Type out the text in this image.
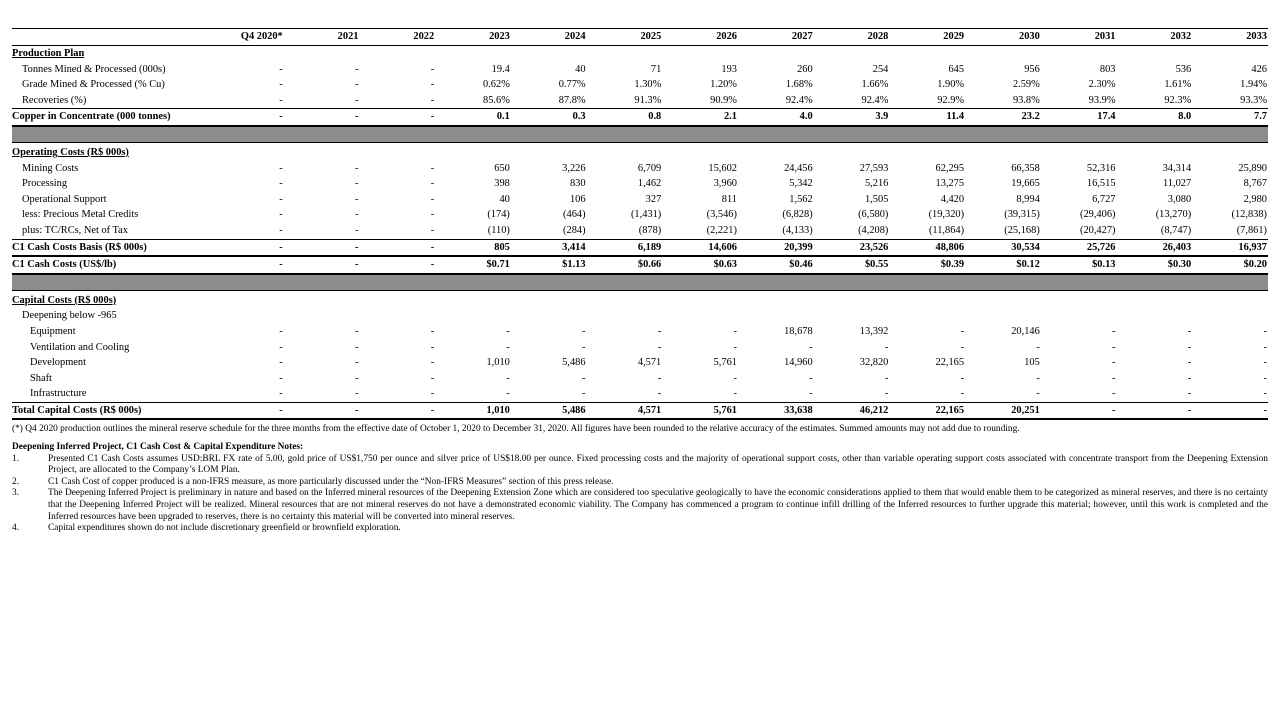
	Q4 2020*	2021	2022	2023	2024	2025	2026	2027	2028	2029	2030	2031	2032	2033
Production Plan														
Tonnes Mined & Processed (000s)	-	-	-	19.4	40	71	193	260	254	645	956	803	536	426
Grade Mined & Processed (% Cu)	-	-	-	0.62%	0.77%	1.30%	1.20%	1.68%	1.66%	1.90%	2.59%	2.30%	1.61%	1.94%
Recoveries (%)	-	-	-	85.6%	87.8%	91.3%	90.9%	92.4%	92.4%	92.9%	93.8%	93.9%	92.3%	93.3%
Copper in Concentrate (000 tonnes)	-	-	-	0.1	0.3	0.8	2.1	4.0	3.9	11.4	23.2	17.4	8.0	7.7

Operating Costs (R$ 000s)														
Mining Costs	-	-	-	650	3,226	6,709	15,602	24,456	27,593	62,295	66,358	52,316	34,314	25,890
Processing	-	-	-	398	830	1,462	3,960	5,342	5,216	13,275	19,665	16,515	11,027	8,767
Operational Support	-	-	-	40	106	327	811	1,562	1,505	4,420	8,994	6,727	3,080	2,980
less: Precious Metal Credits	-	-	-	(174)	(464)	(1,431)	(3,546)	(6,828)	(6,580)	(19,320)	(39,315)	(29,406)	(13,270)	(12,838)
plus: TC/RCs, Net of Tax	-	-	-	(110)	(284)	(878)	(2,221)	(4,133)	(4,208)	(11,864)	(25,168)	(20,427)	(8,747)	(7,861)
C1 Cash Costs Basis (R$ 000s)	-	-	-	805	3,414	6,189	14,606	20,399	23,526	48,806	30,534	25,726	26,403	16,937
C1 Cash Costs (US$/lb)	-	-	-	$0.71	$1.13	$0.66	$0.63	$0.46	$0.55	$0.39	$0.12	$0.13	$0.30	$0.20

Capital Costs (R$ 000s)														
Deepening below -965														
Equipment	-	-	-	-	-	-	-	18,678	13,392	-	20,146	-	-	-
Ventilation and Cooling	-	-	-	-	-	-	-	-	-	-	-	-	-	-
Development	-	-	-	1,010	5,486	4,571	5,761	14,960	32,820	22,165	105	-	-	-
Shaft	-	-	-	-	-	-	-	-	-	-	-	-	-	-
Infrastructure	-	-	-	-	-	-	-	-	-	-	-	-	-	-
Total Capital Costs (R$ 000s)	-	-	-	1,010	5,486	4,571	5,761	33,638	46,212	22,165	20,251	-	-	-
(*) Q4 2020 production outlines the mineral reserve schedule for the three months from the effective date of October 1, 2020 to December 31, 2020. All figures have been rounded to the relative accuracy of the estimates. Summed amounts may not add due to rounding.
Deepening Inferred Project, C1 Cash Cost & Capital Expenditure Notes:
1.	Presented C1 Cash Costs assumes USD:BRL FX rate of 5.00, gold price of US$1,750 per ounce and silver price of US$18.00 per ounce. Fixed processing costs and the majority of operational support costs, other than variable operating support costs associated with concentrate transport from the Deepening Extension Project, are allocated to the Company’s LOM Plan.
2.	C1 Cash Cost of copper produced is a non-IFRS measure, as more particularly discussed under the “Non-IFRS Measures” section of this press release.
3.	The Deepening Inferred Project is preliminary in nature and based on the Inferred mineral resources of the Deepening Extension Zone which are considered too speculative geologically to have the economic considerations applied to them that would enable them to be categorized as mineral reserves, and there is no certainty that the Deepening Inferred Project will be realized. Mineral resources that are not mineral reserves do not have a demonstrated economic viability. The Company has commenced a program to continue infill drilling of the Inferred resources to further upgrade this material; however, until this work is completed and the Inferred resources have been upgraded to reserves, there is no certainty this material will be converted into mineral reserves.
4.	Capital expenditures shown do not include discretionary greenfield or brownfield exploration.
